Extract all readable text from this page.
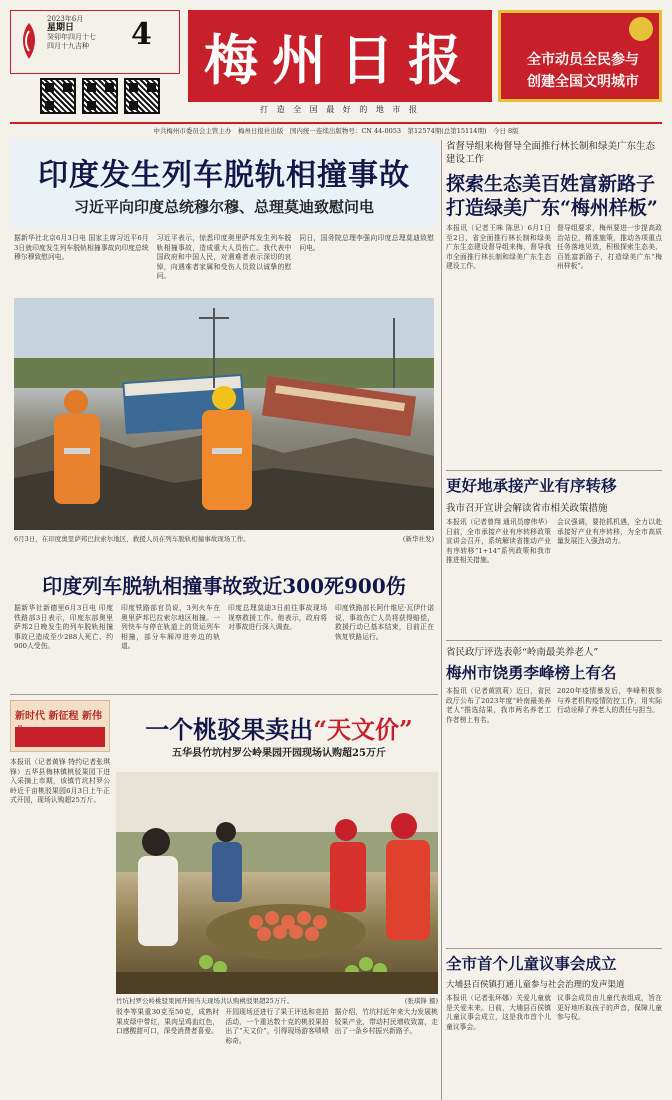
2023年6月
星期日
癸卯年四月十七
四月十九吉种 4 梅州日报
打 造 全 国 最 好 的 地 市 报
全市动员全民参与
创建全国文明城市
中共梅州市委员会主管主办　梅州日报社出版　国内统一连续出版物号：CN 44-0053　第12574期(总第15114期)　今日 8版
印度发生列车脱轨相撞事故
习近平向印度总统穆尔穆、总理莫迪致慰问电
据新华社北京6月3日电 国家主席习近平6月3日就印度发生列车脱轨相撞事故向印度总统穆尔穆致慰问电。
习近平表示，惊悉印度奥里萨邦发生列车脱轨相撞事故，造成重大人员伤亡。我代表中国政府和中国人民，对遇难者表示深切的哀悼，向遇难者家属和受伤人员致以诚挚的慰问。
同日，国务院总理李强向印度总理莫迪致慰问电。
6月3日，在印度奥里萨邦巴拉索尔地区，救援人员在列车脱轨相撞事故现场工作。	(新华社发)
印度列车脱轨相撞事故致近300死900伤
据新华社新德里6月3日电 印度铁路部3日表示，印度东部奥里萨邦2日晚发生的列车脱轨相撞事故已造成至少288人死亡、约900人受伤。
印度铁路部官员说，3列火车在奥里萨邦巴拉索尔地区相撞。一列快车与停在轨道上的货运列车相撞，部分车厢冲进旁边的轨道。
印度总理莫迪3日前往事故现场视察救援工作。他表示，政府将对事故进行深入调查。
印度铁路部长阿什维尼·瓦伊什诺说，事故伤亡人员将获得赔偿，救援行动已基本结束，目前正在恢复铁路运行。
省督导组来梅督导全面推行林长制和绿美广东生态建设工作
探索生态美百姓富新路子打造绿美广东“梅州样板”
本报讯（记者王咪 陈思）6月1日至2日，省全面推行林长制和绿美广东生态建设督导组来梅，督导我市全面推行林长制和绿美广东生态建设工作。
督导组要求，梅州要进一步提高政治站位，精准施策，推动各项重点任务落地见效，积极探索生态美、百姓富新路子，打造绿美广东“梅州样板”。
更好地承接产业有序转移
我市召开宣讲会解读省市相关政策措施
本报讯（记者曾翔 通讯员廖伟华）日前，全市承接产业有序转移政策宣讲会召开，系统解读省推动产业有序转移“1+14”系列政策和我市推进相关措施。
会议强调，要抢抓机遇，全力以赴承接好产业有序转移，为全市高质量发展注入强劲动力。
省民政厅评选表彰“岭南最美养老人”
梅州市饶勇李峰榜上有名
本报讯（记者黄凯莉）近日，省民政厅公布了2023年度“岭南最美养老人”推选结果，我市两名养老工作者榜上有名。
2020年疫情暴发后，李峰积极参与养老机构疫情防控工作，用实际行动诠释了养老人的责任与担当。
全市首个儿童议事会成立
大埔县百侯镇打通儿童参与社会治理的发声渠道
本报讯（记者张环娜）关爱儿童就是关爱未来。日前，大埔县百侯镇儿童议事会成立，这是我市首个儿童议事会。
议事会成员由儿童代表组成，旨在更好地听取孩子的声音，保障儿童参与权。
新时代 新征程 新伟	一个桃驳果卖出“天文价”
五华县竹坑村罗公岭果园开园现场认购超25万斤
本报讯（记者黄锋 特约记者张琪锋）五华县梅林镇桃驳果园下进入采摘上市期，该镇竹坑村罗公岭近千亩桃驳果园6月3日上午正式开园，现场认购超25万斤。
竹坑村罗公岭桃驳果园开园当天现场共认购桃驳果超25万斤。	(张琪锋 摄)
驳李等果重30克至50克，成熟时果皮绿中带红，果肉呈鸡血红色，口感酸甜可口，深受消费者喜爱。
开园现场还进行了果王评选和竞拍活动，一个重达数十克的桃驳果拍出了“天文价”，引得现场游客啧啧称奇。
据介绍，竹坑村近年来大力发展桃驳果产业，带动村民增收致富，走出了一条乡村振兴新路子。
